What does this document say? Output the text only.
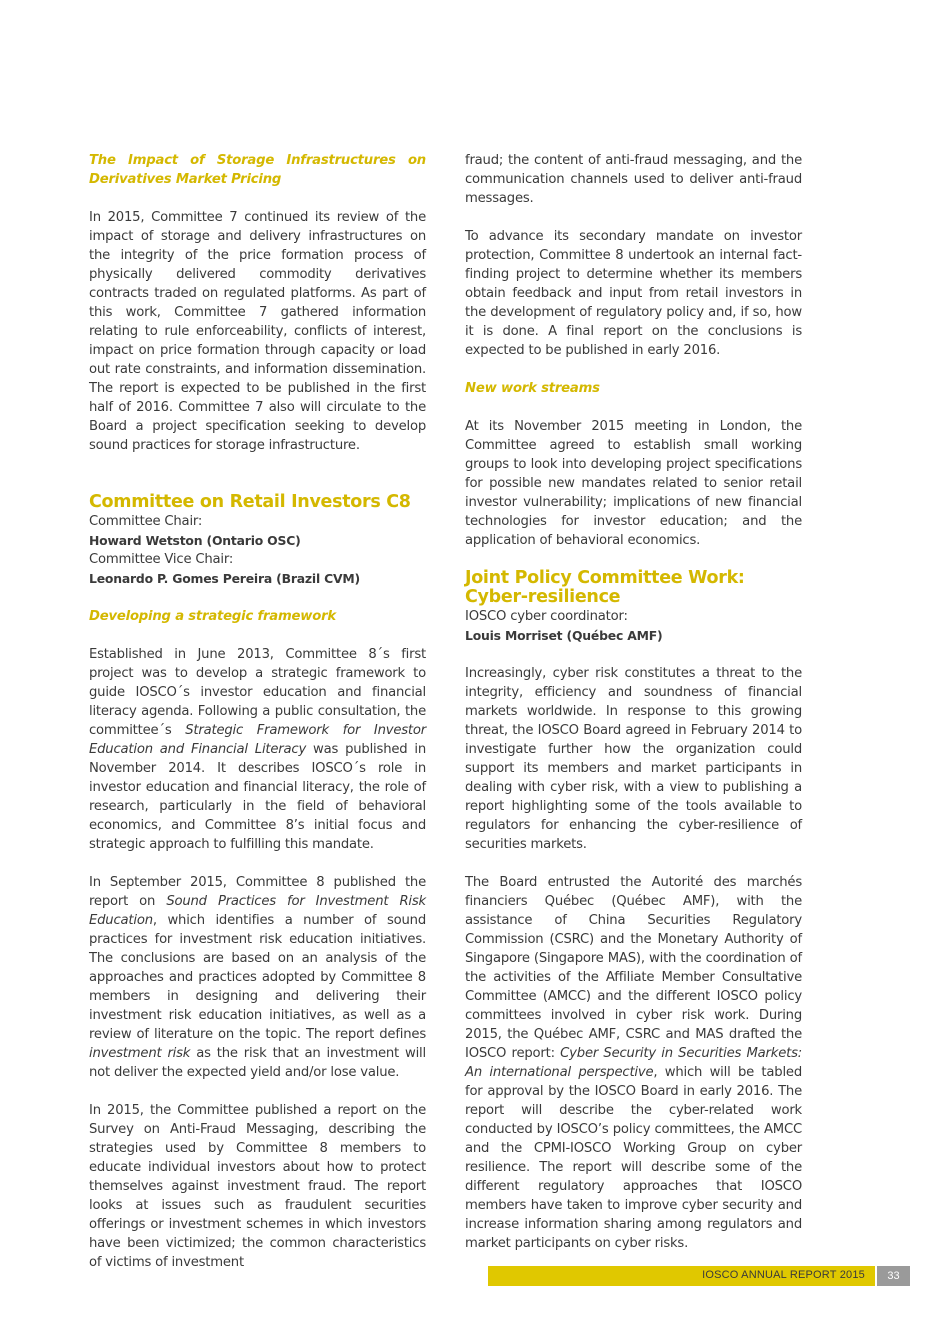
The Impact of Storage Infrastructures on Derivatives Market Pricing

In 2015, Committee 7 continued its review of the impact of storage and delivery infrastructures on the integrity of the price formation process of physically delivered commodity derivatives contracts traded on regulated platforms. As part of this work, Committee 7 gathered information relating to rule enforceability, conflicts of interest, impact on price formation through capacity or load out rate constraints, and information dissemination. The report is expected to be published in the first half of 2016. Committee 7 also will circulate to the Board a project specification seeking to develop sound practices for storage infrastructure.

Committee on Retail Investors C8
Committee Chair:
Howard Wetston (Ontario OSC)
Committee Vice Chair:
Leonardo P. Gomes Pereira (Brazil CVM)

Developing a strategic framework

Established in June 2013, Committee 8´s first project was to develop a strategic framework to guide IOSCO´s investor education and financial literacy agenda. Following a public consultation, the committee´s Strategic Framework for Investor Education and Financial Literacy was published in November 2014. It describes IOSCO´s role in investor education and financial literacy, the role of research, particularly in the field of behavioral economics, and Committee 8’s initial focus and strategic approach to fulfilling this mandate.

In September 2015, Committee 8 published the report on Sound Practices for Investment Risk Education, which identifies a number of sound practices for investment risk education initiatives. The conclusions are based on an analysis of the approaches and practices adopted by Committee 8 members in designing and delivering their investment risk education initiatives, as well as a review of literature on the topic. The report defines investment risk as the risk that an investment will not deliver the expected yield and/or lose value.

In 2015, the Committee published a report on the Survey on Anti-Fraud Messaging, describing the strategies used by Committee 8 members to educate individual investors about how to protect themselves against investment fraud. The report looks at issues such as fraudulent securities offerings or investment schemes in which investors have been victimized; the common characteristics of victims of investment

fraud; the content of anti-fraud messaging, and the communication channels used to deliver anti-fraud messages.

To advance its secondary mandate on investor protection, Committee 8 undertook an internal fact-finding project to determine whether its members obtain feedback and input from retail investors in the development of regulatory policy and, if so, how it is done. A final report on the conclusions is expected to be published in early 2016.

New work streams

At its November 2015 meeting in London, the Committee agreed to establish small working groups to look into developing project specifications for possible new mandates related to senior retail investor vulnerability; implications of new financial technologies for investor education; and the application of behavioral economics.

Joint Policy Committee Work:
Cyber-resilience
IOSCO cyber coordinator:
Louis Morriset (Québec AMF)

Increasingly, cyber risk constitutes a threat to the integrity, efficiency and soundness of financial markets worldwide. In response to this growing threat, the IOSCO Board agreed in February 2014 to investigate further how the organization could support its members and market participants in dealing with cyber risk, with a view to publishing a report highlighting some of the tools available to regulators for enhancing the cyber-resilience of securities markets.

The Board entrusted the Autorité des marchés financiers Québec (Québec AMF), with the assistance of China Securities Regulatory Commission (CSRC) and the Monetary Authority of Singapore (Singapore MAS), with the coordination of the activities of the Affiliate Member Consultative Committee (AMCC) and the different IOSCO policy committees involved in cyber risk work. During 2015, the Québec AMF, CSRC and MAS drafted the IOSCO report: Cyber Security in Securities Markets: An international perspective, which will be tabled for approval by the IOSCO Board in early 2016. The report will describe the cyber-related work conducted by IOSCO’s policy committees, the AMCC and the CPMI-IOSCO Working Group on cyber resilience. The report will describe some of the different regulatory approaches that IOSCO members have taken to improve cyber security and increase information sharing among regulators and market participants on cyber risks.

IOSCO ANNUAL REPORT 2015	33
